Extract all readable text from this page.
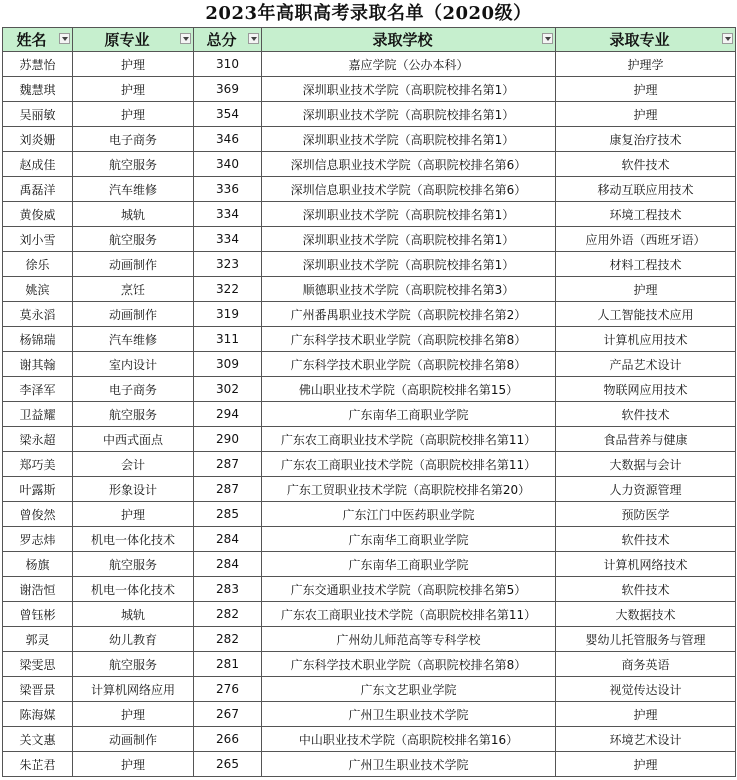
2023年高职高考录取名单（2020级）
姓名	原专业	总分	录取学校	录取专业

苏慧怡	护理	310	嘉应学院（公办本科）	护理学
魏慧琪	护理	369	深圳职业技术学院（高职院校排名第1）	护理
吴丽敏	护理	354	深圳职业技术学院（高职院校排名第1）	护理
刘炎姗	电子商务	346	深圳职业技术学院（高职院校排名第1）	康复治疗技术
赵成佳	航空服务	340	深圳信息职业技术学院（高职院校排名第6）	软件技术
禹磊洋	汽车维修	336	深圳信息职业技术学院（高职院校排名第6）	移动互联应用技术
黄俊威	城轨	334	深圳职业技术学院（高职院校排名第1）	环境工程技术
刘小雪	航空服务	334	深圳职业技术学院（高职院校排名第1）	应用外语（西班牙语）
徐乐	动画制作	323	深圳职业技术学院（高职院校排名第1）	材料工程技术
姚滨	烹饪	322	顺德职业技术学院（高职院校排名第3）	护理
莫永滔	动画制作	319	广州番禺职业技术学院（高职院校排名第2）	人工智能技术应用
杨锦瑞	汽车维修	311	广东科学技术职业学院（高职院校排名第8）	计算机应用技术
谢其翰	室内设计	309	广东科学技术职业学院（高职院校排名第8）	产品艺术设计
李泽军	电子商务	302	佛山职业技术学院（高职院校排名第15）	物联网应用技术
卫益耀	航空服务	294	广东南华工商职业学院	软件技术
梁永超	中西式面点	290	广东农工商职业技术学院（高职院校排名第11）	食品营养与健康
郑巧美	会计	287	广东农工商职业技术学院（高职院校排名第11）	大数据与会计
叶露斯	形象设计	287	广东工贸职业技术学院（高职院校排名第20）	人力资源管理
曾俊然	护理	285	广东江门中医药职业学院	预防医学
罗志炜	机电一体化技术	284	广东南华工商职业学院	软件技术
杨旗	航空服务	284	广东南华工商职业学院	计算机网络技术
谢浩恒	机电一体化技术	283	广东交通职业技术学院（高职院校排名第5）	软件技术
曾钰彬	城轨	282	广东农工商职业技术学院（高职院校排名第11）	大数据技术
郭灵	幼儿教育	282	广州幼儿师范高等专科学校	婴幼儿托管服务与管理
梁雯思	航空服务	281	广东科学技术职业学院（高职院校排名第8）	商务英语
梁晋景	计算机网络应用	276	广东文艺职业学院	视觉传达设计
陈海媒	护理	267	广州卫生职业技术学院	护理
关文惠	动画制作	266	中山职业技术学院（高职院校排名第16）	环境艺术设计
朱芷君	护理	265	广州卫生职业技术学院	护理
